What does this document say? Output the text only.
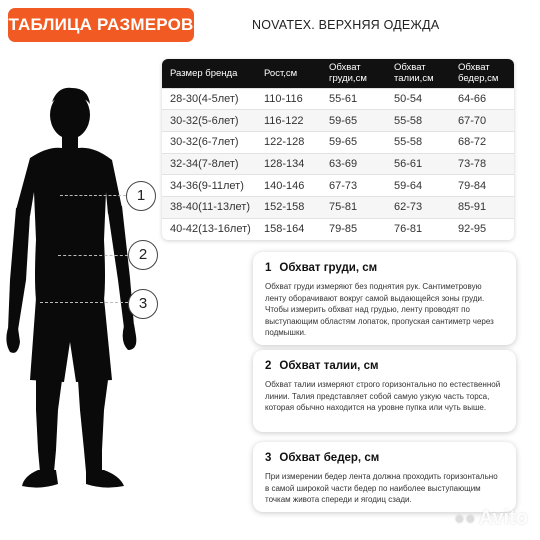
ТАБЛИЦА РАЗМЕРОВ	NOVATEX. ВЕРХНЯЯ ОДЕЖДА
Размер бренда	Рост,см	Обхват груди,см	Обхват талии,см	Обхват бедер,см
28-30(4-5лет)	110-116	55-61	50-54	64-66
30-32(5-6лет)	116-122	59-65	55-58	67-70
30-32(6-7лет)	122-128	59-65	55-58	68-72
32-34(7-8лет)	128-134	63-69	56-61	73-78
34-36(9-11лет)	140-146	67-73	59-64	79-84
38-40(11-13лет)	152-158	75-81	62-73	85-91
40-42(13-16лет)	158-164	79-85	76-81	92-95
1
2
3
1 Обхват груди, см
Обхват груди измеряют без поднятия рук. Сантиметровую ленту оборачивают вокруг самой выдающейся зоны груди. Чтобы измерить обхват над грудью, ленту проводят по выступающим областям лопаток, пропуская сантиметр через подмышки.
2 Обхват талии, см
Обхват талии измеряют строго горизонтально по естественной линии. Талия представляет собой самую узкую часть торса, которая обычно находится на уровне пупка или чуть выше.
3 Обхват бедер, см
При измерении бедер лента должна проходить горизонтально в самой широкой части бедер по наиболее выступающим точкам живота спереди и ягодиц сзади.
●● Avito
